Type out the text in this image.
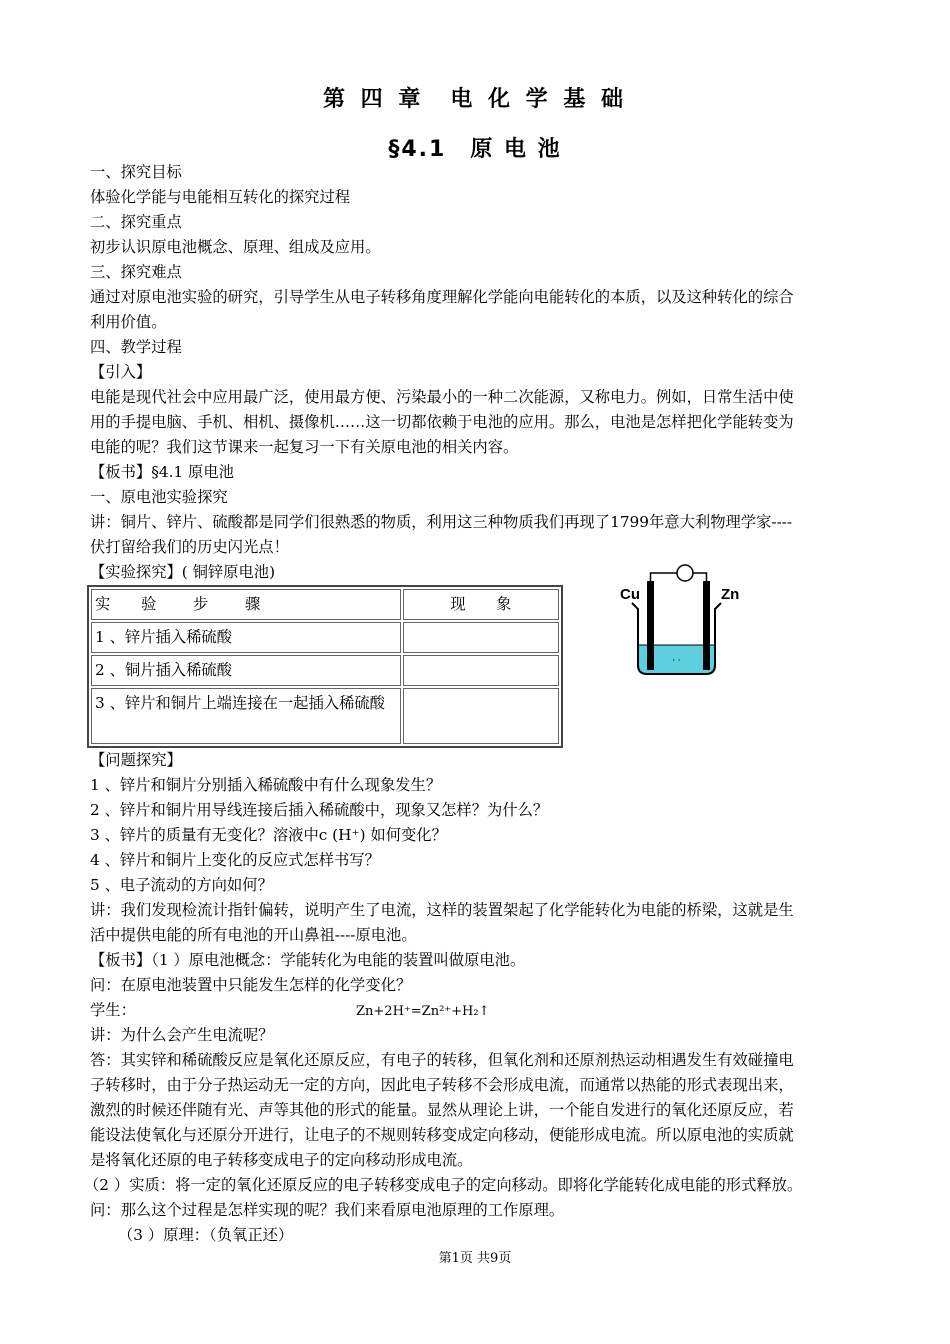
第 四 章　电 化 学 基 础
§4.1　原 电 池
一、探究目标
体验化学能与电能相互转化的探究过程
二、探究重点
初步认识原电池概念、原理、组成及应用。
三、探究难点
通过对原电池实验的研究，引导学生从电子转移角度理解化学能向电能转化的本质，以及这种转化的综合
利用价值。
四、教学过程
【引入】
电能是现代社会中应用最广泛，使用最方便、污染最小的一种二次能源，又称电力。例如，日常生活中使
用的手提电脑、手机、相机、摄像机……这一切都依赖于电池的应用。那么，电池是怎样把化学能转变为
电能的呢？我们这节课来一起复习一下有关原电池的相关内容。
【板书】§4.1 原电池
一、原电池实验探究
讲：铜片、锌片、硫酸都是同学们很熟悉的物质，利用这三种物质我们再现了1799年意大利物理学家----
伏打留给我们的历史闪光点！
【实验探究】( 铜锌原电池)
实 验 步 骤	现　　象
1 、锌片插入稀硫酸	
2 、铜片插入稀硫酸	
3 、锌片和铜片上端连接在一起插入稀硫酸	
【问题探究】
1 、锌片和铜片分别插入稀硫酸中有什么现象发生？
2 、锌片和铜片用导线连接后插入稀硫酸中，现象又怎样？为什么？
3 、锌片的质量有无变化？溶液中c (H⁺) 如何变化？
4 、锌片和铜片上变化的反应式怎样书写？
5 、电子流动的方向如何？
讲：我们发现检流计指针偏转，说明产生了电流，这样的装置架起了化学能转化为电能的桥梁，这就是生
活中提供电能的所有电池的开山鼻祖----原电池。
【板书】（1 ）原电池概念：学能转化为电能的装置叫做原电池。
问：在原电池装置中只能发生怎样的化学变化？
学生：	Zn+2H⁺=Zn²⁺+H₂↑
讲：为什么会产生电流呢？
答：其实锌和稀硫酸反应是氧化还原反应，有电子的转移，但氧化剂和还原剂热运动相遇发生有效碰撞电
子转移时，由于分子热运动无一定的方向，因此电子转移不会形成电流，而通常以热能的形式表现出来，
激烈的时候还伴随有光、声等其他的形式的能量。显然从理论上讲，一个能自发进行的氧化还原反应，若
能设法使氧化与还原分开进行，让电子的不规则转移变成定向移动，便能形成电流。所以原电池的实质就
是将氧化还原的电子转移变成电子的定向移动形成电流。
（2 ）实质：将一定的氧化还原反应的电子转移变成电子的定向移动。即将化学能转化成电能的形式释放。
问：那么这个过程是怎样实现的呢？我们来看原电池原理的工作原理。
（3 ）原理：（负氧正还）
· ·
Cu	Zn
第1页 共9页
